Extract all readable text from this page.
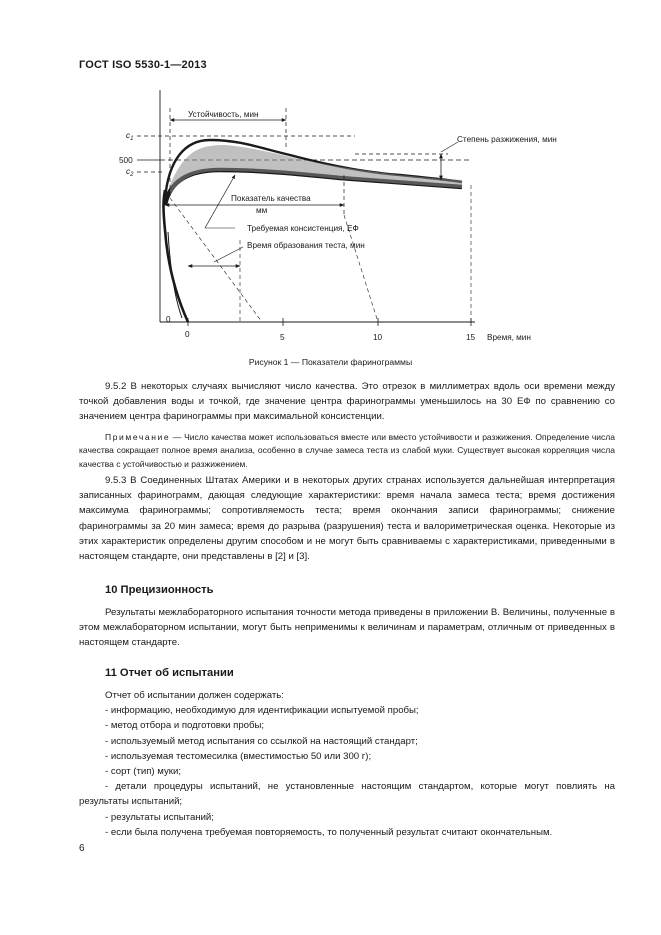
ГОСТ ISO 5530-1—2013
0	5	10	15 Время, мин
0
$c_1$
500
$c_2$
Устойчивость, мин
Степень разжижения, мин
Показатель качества
мм
Требуемая консистенция, ЕФ
Время образования теста, мин
Рисунок 1 — Показатели фаринограммы

9.5.2 В некоторых случаях вычисляют число качества. Это отрезок в миллиметрах вдоль оси времени между точкой добавления воды и точкой, где значение центра фаринограммы уменьшилось на 30 ЕФ по сравнению со значением центра фаринограммы при максимальной консистенции.

Примечание — Число качества может использоваться вместе или вместо устойчивости и разжижения. Определение числа качества сокращает полное время анализа, особенно в случае замеса теста из слабой муки. Существует высокая корреляция числа качества с устойчивостью и разжижением.

9.5.3 В Соединенных Штатах Америки и в некоторых других странах используется дальнейшая интерпретация записанных фаринограмм, дающая следующие характеристики: время начала замеса теста; время достижения максимума фаринограммы; сопротивляемость теста; время окончания записи фаринограммы; снижение фаринограммы за 20 мин замеса; время до разрыва (разрушения) теста и валориметрическая оценка. Некоторые из этих характеристик определены другим способом и не могут быть сравниваемы с характеристиками, приведенными в настоящем стандарте, они представлены в [2] и [3].

10 Прецизионность

Результаты межлабораторного испытания точности метода приведены в приложении В. Величины, полученные в этом межлабораторном испытании, могут быть неприменимы к величинам и параметрам, отличным от приведенных в настоящем стандарте.

11 Отчет об испытании

Отчет об испытании должен содержать:

- информацию, необходимую для идентификации испытуемой пробы;

- метод отбора и подготовки пробы;

- используемый метод испытания со ссылкой на настоящий стандарт;

- используемая тестомесилка (вместимостью 50 или 300 г);

- сорт (тип) муки;

- детали процедуры испытаний, не установленные настоящим стандартом, которые могут повлиять на результаты испытаний;

- результаты испытаний;

- если была получена требуемая повторяемость, то полученный результат считают окончательным.

6
